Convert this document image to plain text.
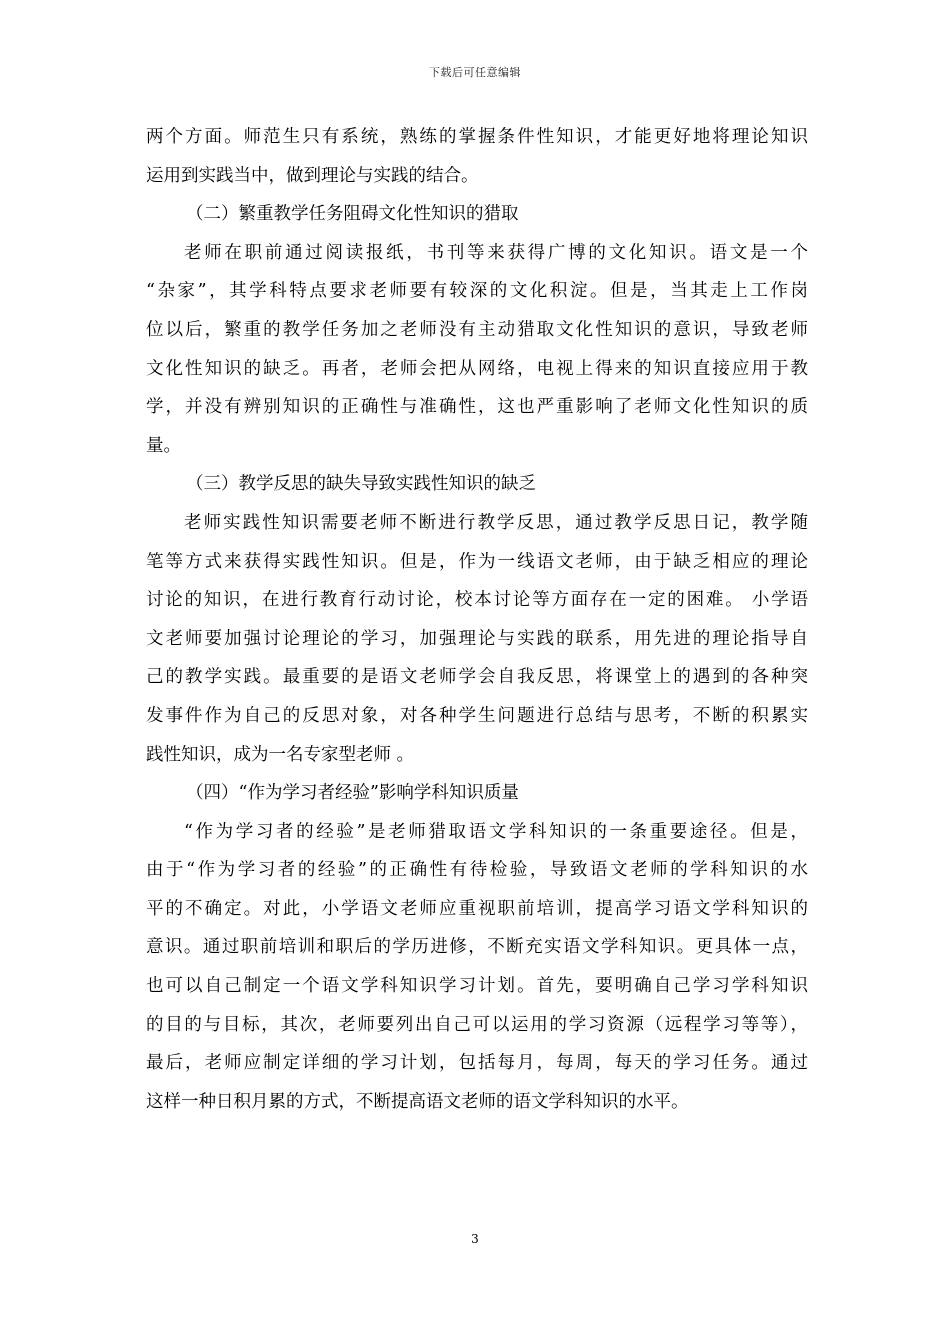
下载后可任意编辑
两个方面。师范生只有系统，熟练的掌握条件性知识，才能更好地将理论知识
运用到实践当中，做到理论与实践的结合。
（二）繁重教学任务阻碍文化性知识的猎取
老师在职前通过阅读报纸，书刊等来获得广博的文化知识。语文是一个
“杂家”，其学科特点要求老师要有较深的文化积淀。但是，当其走上工作岗
位以后，繁重的教学任务加之老师没有主动猎取文化性知识的意识，导致老师
文化性知识的缺乏。再者，老师会把从网络，电视上得来的知识直接应用于教
学，并没有辨别知识的正确性与准确性，这也严重影响了老师文化性知识的质
量。
（三）教学反思的缺失导致实践性知识的缺乏
老师实践性知识需要老师不断进行教学反思，通过教学反思日记，教学随
笔等方式来获得实践性知识。但是，作为一线语文老师，由于缺乏相应的理论
讨论的知识，在进行教育行动讨论，校本讨论等方面存在一定的困难。 小学语
文老师要加强讨论理论的学习，加强理论与实践的联系，用先进的理论指导自
己的教学实践。最重要的是语文老师学会自我反思，将课堂上的遇到的各种突
发事件作为自己的反思对象，对各种学生问题进行总结与思考，不断的积累实
践性知识，成为一名专家型老师 。
（四）“作为学习者经验”影响学科知识质量
“作为学习者的经验”是老师猎取语文学科知识的一条重要途径。但是，
由于“作为学习者的经验”的正确性有待检验，导致语文老师的学科知识的水
平的不确定。对此，小学语文老师应重视职前培训，提高学习语文学科知识的
意识。通过职前培训和职后的学历进修，不断充实语文学科知识。更具体一点，
也可以自己制定一个语文学科知识学习计划。首先，要明确自己学习学科知识
的目的与目标，其次，老师要列出自己可以运用的学习资源（远程学习等等），
最后，老师应制定详细的学习计划，包括每月，每周，每天的学习任务。通过
这样一种日积月累的方式，不断提高语文老师的语文学科知识的水平。
3
